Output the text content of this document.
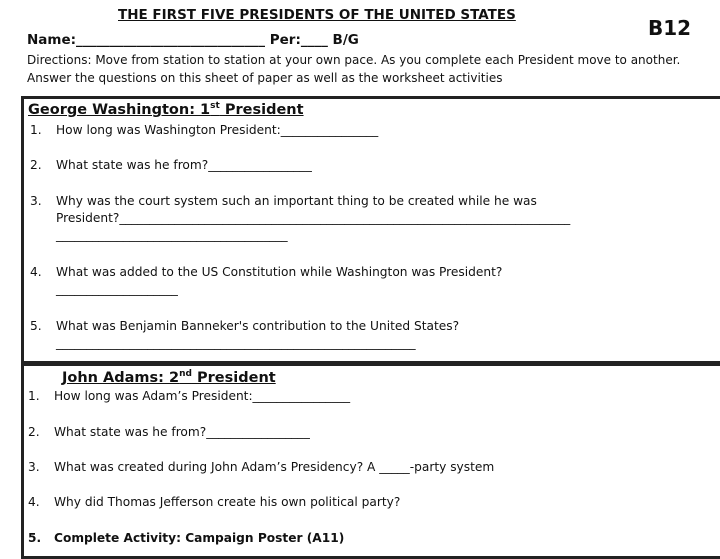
THE FIRST FIVE PRESIDENTS OF THE UNITED STATES
B12
Name:____________________________ Per:____ B/G
Directions: Move from station to station at your own pace. As you complete each President move to another.
Answer the questions on this sheet of paper as well as the worksheet activities
George Washington: 1st President
1. How long was Washington President:________________
2. What state was he from?_________________
3. Why was the court system such an important thing to be created while he was
President?__________________________________________________________________________
______________________________________
4. What was added to the US Constitution while Washington was President?
____________________
5. What was Benjamin Banneker's contribution to the United States?
___________________________________________________________
John Adams: 2nd President
1. How long was Adam’s President:________________
2. What state was he from?_________________
3. What was created during John Adam’s Presidency? A _____-party system
4. Why did Thomas Jefferson create his own political party?
5. Complete Activity: Campaign Poster (A11)
